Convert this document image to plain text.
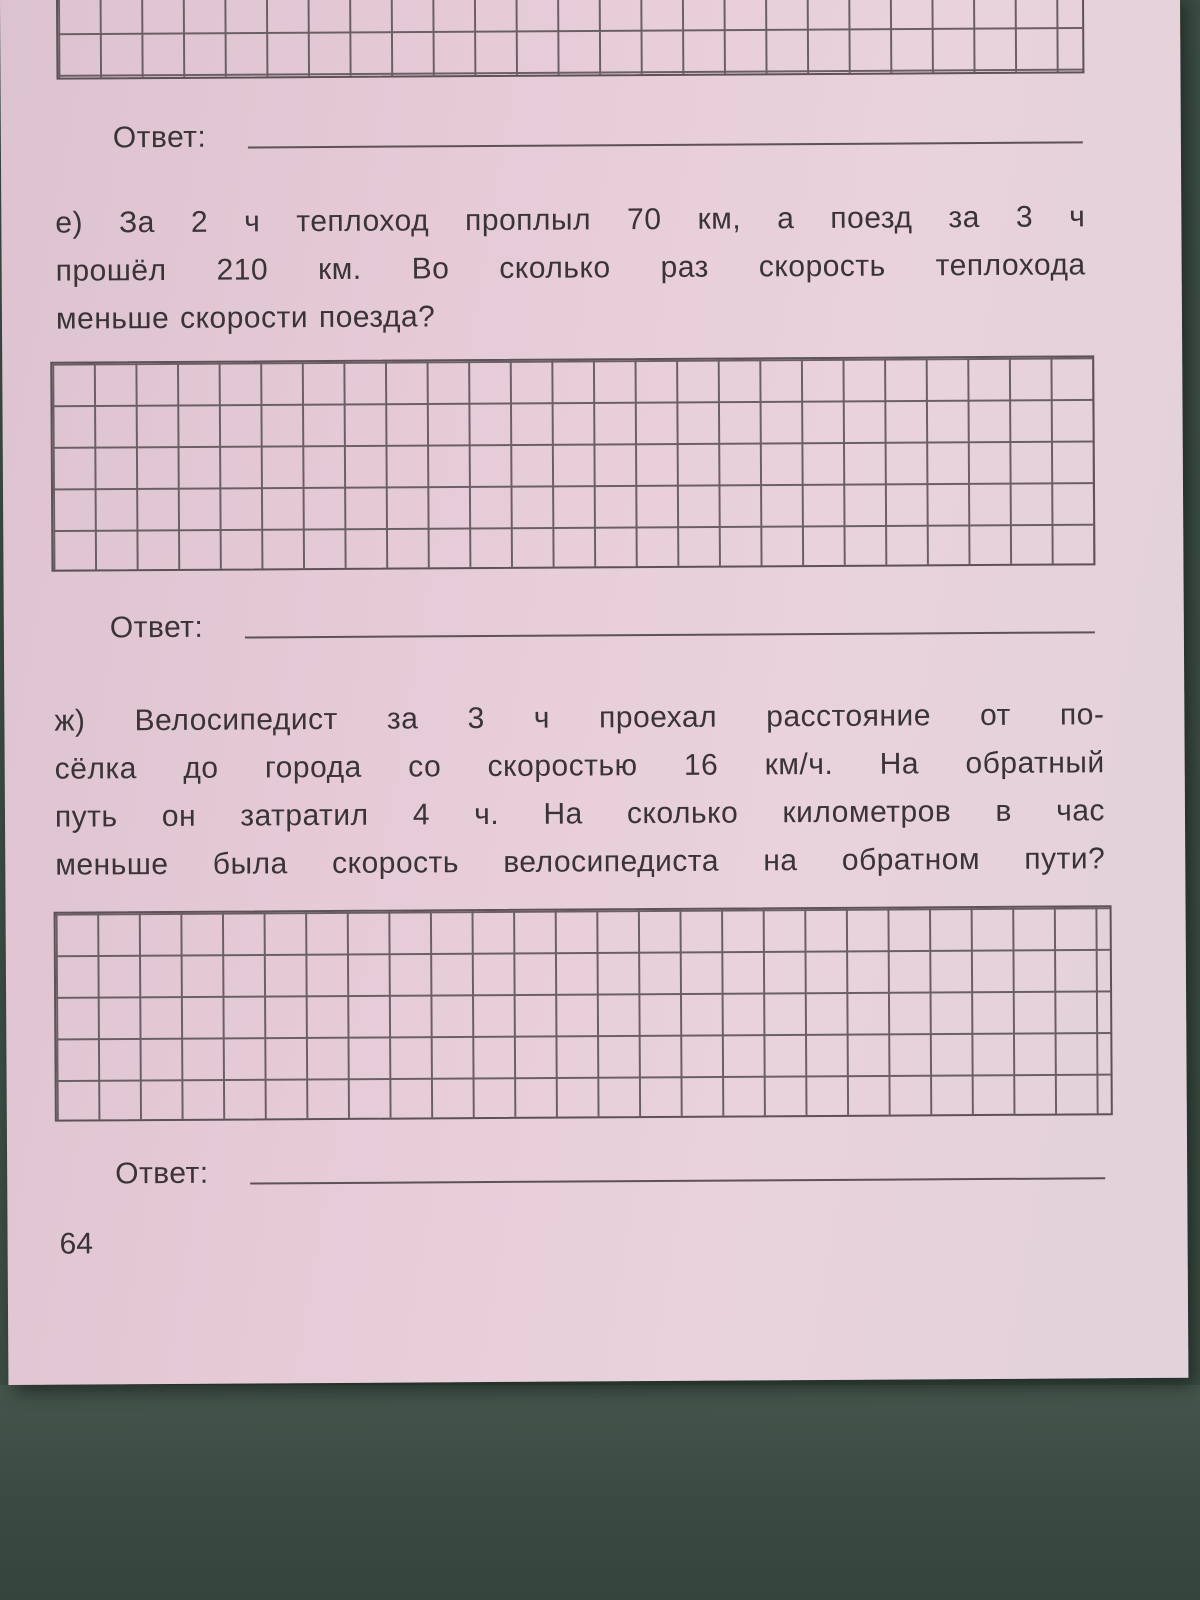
Ответ:
е) За 2 ч теплоход проплыл 70 км, а поезд за 3 ч
прошёл 210 км. Во сколько раз скорость теплохода
меньше скорости поезда?
Ответ:
ж) Велосипедист за 3 ч проехал расстояние от по-
сёлка до города со скоростью 16 км/ч. На обратный
путь он затратил 4 ч. На сколько километров в час
меньше была скорость велосипедиста на обратном пути?
Ответ:
64
